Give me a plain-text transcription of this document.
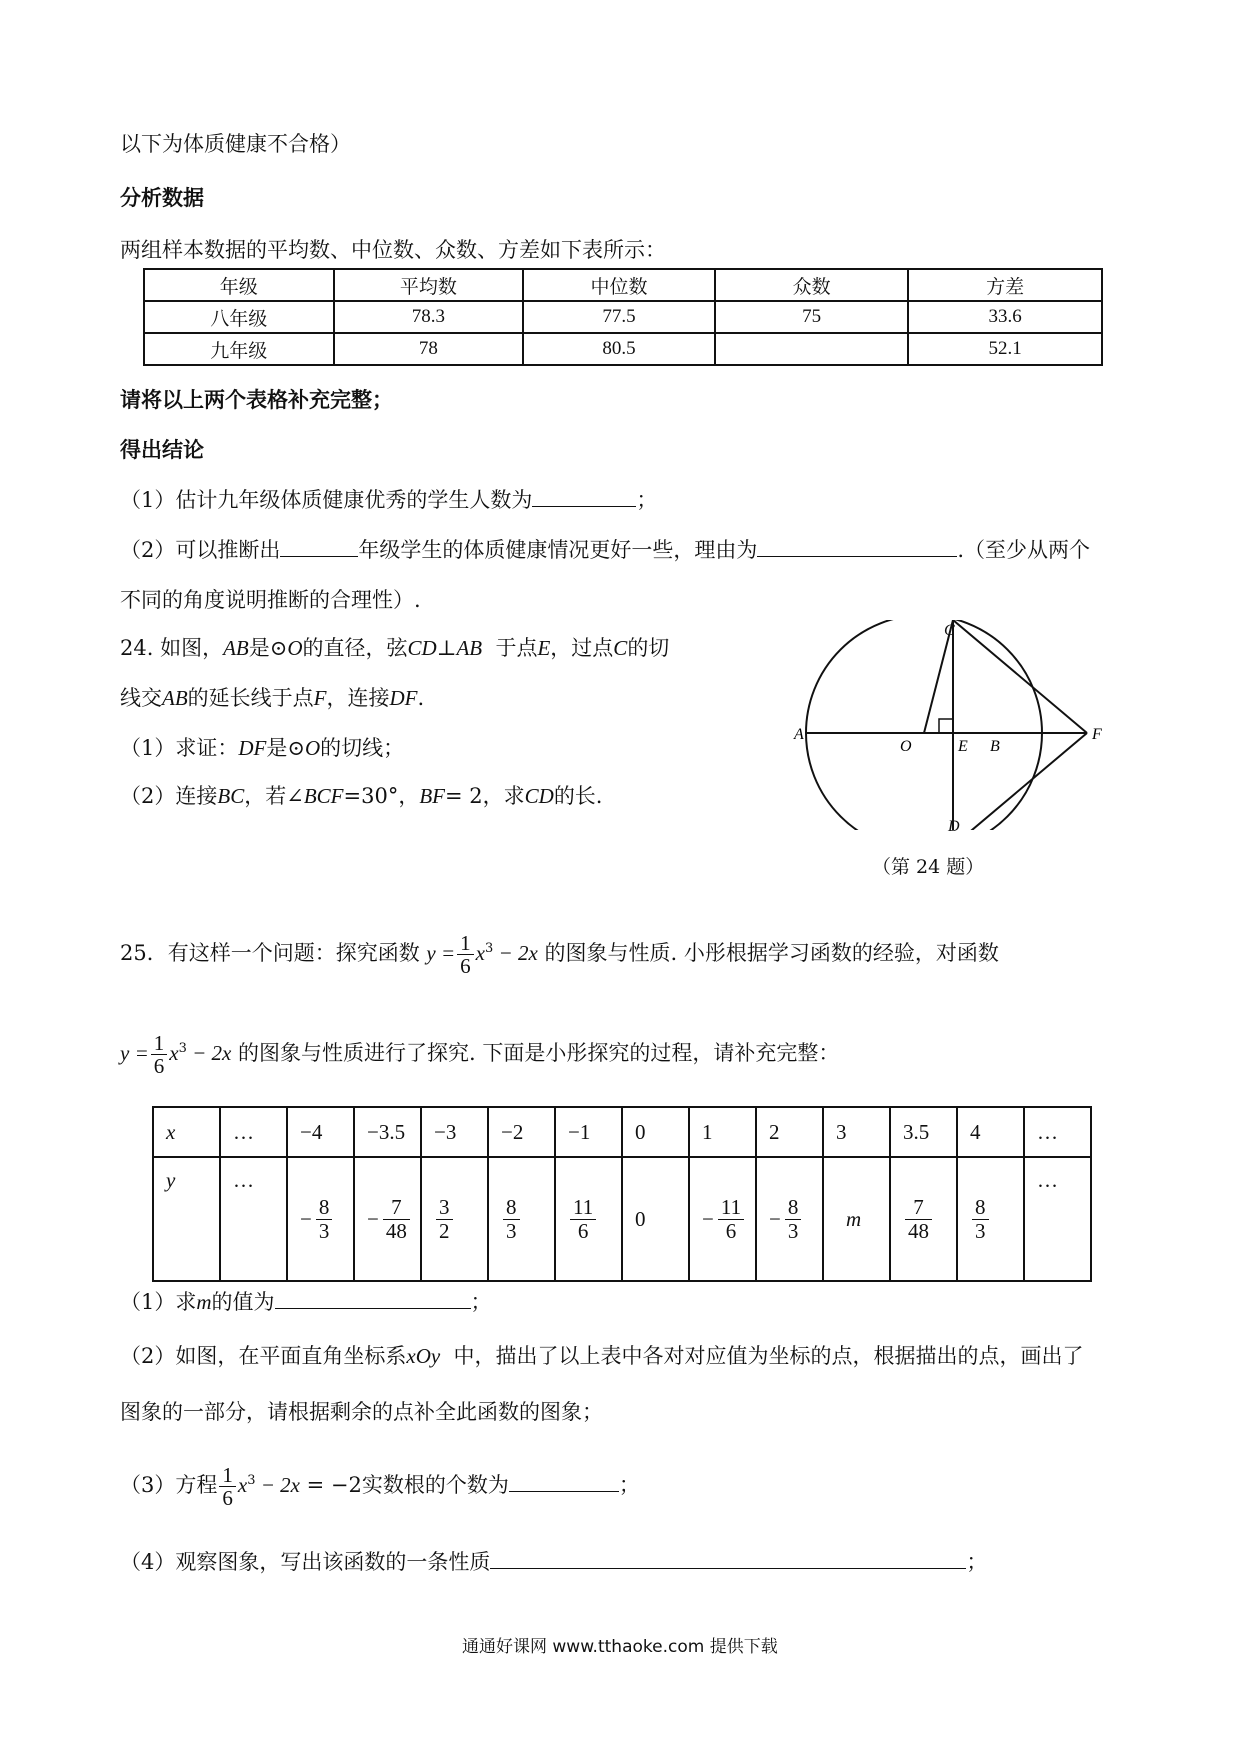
以下为体质健康不合格）
分析数据
两组样本数据的平均数、中位数、众数、方差如下表所示：
年级	平均数	中位数	众数	方差
八年级	78.3	77.5	75	33.6
九年级	78	80.5		52.1
请将以上两个表格补充完整；
得出结论
（1）估计九年级体质健康优秀的学生人数为	；
（2）可以推断出	年级学生的体质健康情况更好一些，理由为	.（至少从两个
不同的角度说明推断的合理性）.
24. 如图，AB是⊙O的直径，弦CD⊥AB 于点E，过点C的切
线交AB的延长线于点F，连接DF.
（1）求证：DF是⊙O的切线；
（2）连接BC，若∠BCF=30°，BF= 2，求CD的长.
A
O	E B
F
C
D
（第 24 题）
25．有这样一个问题：探究函数 $y = \frac{1}{6} x^3 - 2x$ 的图象与性质. 小彤根据学习函数的经验，对函数
$y = \frac{1}{6} x^3 - 2x$ 的图象与性质进行了探究. 下面是小彤探究的过程，请补充完整：
x	…	−4	−3.5	−3	−2	−1	0	1	2	3	3.5	4	…
y	…	− $\frac{8}{3}$	− $\frac{7}{48}$	$\frac{3}{2}$	$\frac{8}{3}$	$\frac{11}{6}$	0	− $\frac{11}{6}$	− $\frac{8}{3}$	m	$\frac{7}{48}$	$\frac{8}{3}$	…
（1）求m的值为	；
（2）如图，在平面直角坐标系xOy 中，描出了以上表中各对对应值为坐标的点，根据描出的点，画出了
图象的一部分，请根据剩余的点补全此函数的图象；
（3）方程 $\frac{1}{6} x^3 - 2x = -2$实数根的个数为	；
（4）观察图象，写出该函数的一条性质	；
通通好课网 www.tthaoke.com 提供下载
